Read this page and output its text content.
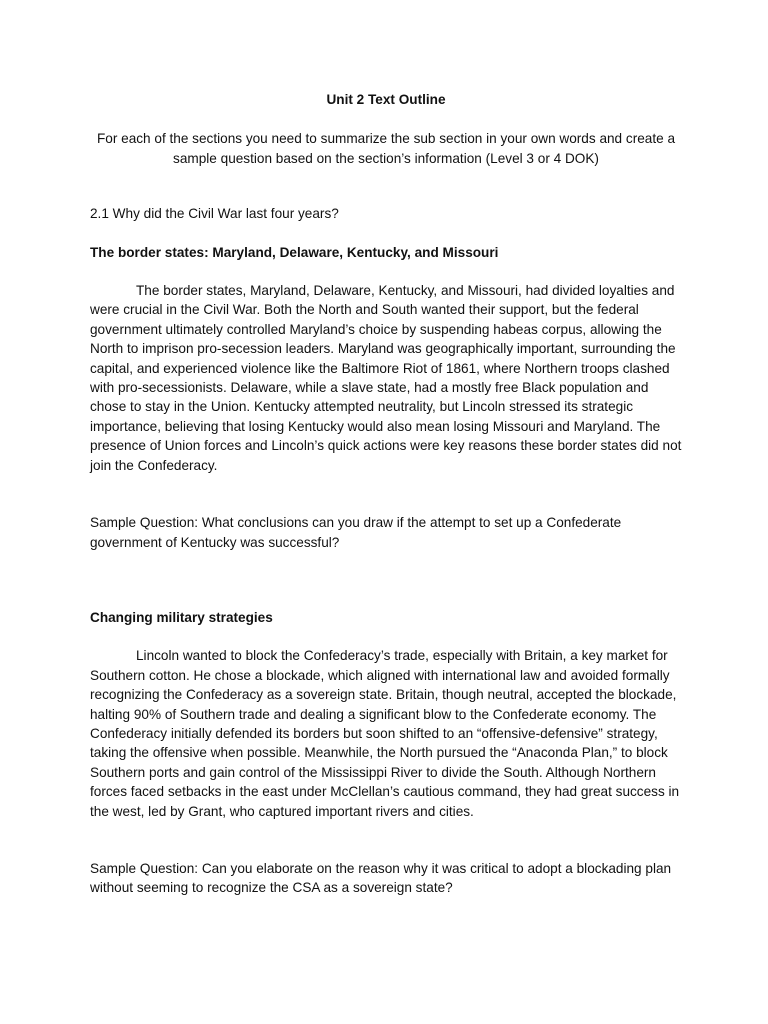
Unit 2 Text Outline

For each of the sections you need to summarize the sub section in your own words and create a sample question based on the section’s information (Level 3 or 4 DOK)

2.1 Why did the Civil War last four years?

The border states: Maryland, Delaware, Kentucky, and Missouri

The border states, Maryland, Delaware, Kentucky, and Missouri, had divided loyalties and were crucial in the Civil War. Both the North and South wanted their support, but the federal government ultimately controlled Maryland’s choice by suspending habeas corpus, allowing the North to imprison pro-secession leaders. Maryland was geographically important, surrounding the capital, and experienced violence like the Baltimore Riot of 1861, where Northern troops clashed with pro-secessionists. Delaware, while a slave state, had a mostly free Black population and chose to stay in the Union. Kentucky attempted neutrality, but Lincoln stressed its strategic importance, believing that losing Kentucky would also mean losing Missouri and Maryland. The presence of Union forces and Lincoln’s quick actions were key reasons these border states did not join the Confederacy.

Sample Question: What conclusions can you draw if the attempt to set up a Confederate government of Kentucky was successful?

Changing military strategies

Lincoln wanted to block the Confederacy’s trade, especially with Britain, a key market for Southern cotton. He chose a blockade, which aligned with international law and avoided formally recognizing the Confederacy as a sovereign state. Britain, though neutral, accepted the blockade, halting 90% of Southern trade and dealing a significant blow to the Confederate economy. The Confederacy initially defended its borders but soon shifted to an “offensive-defensive” strategy, taking the offensive when possible. Meanwhile, the North pursued the “Anaconda Plan,” to block Southern ports and gain control of the Mississippi River to divide the South. Although Northern forces faced setbacks in the east under McClellan’s cautious command, they had great success in the west, led by Grant, who captured important rivers and cities.

Sample Question: Can you elaborate on the reason why it was critical to adopt a blockading plan without seeming to recognize the CSA as a sovereign state?
